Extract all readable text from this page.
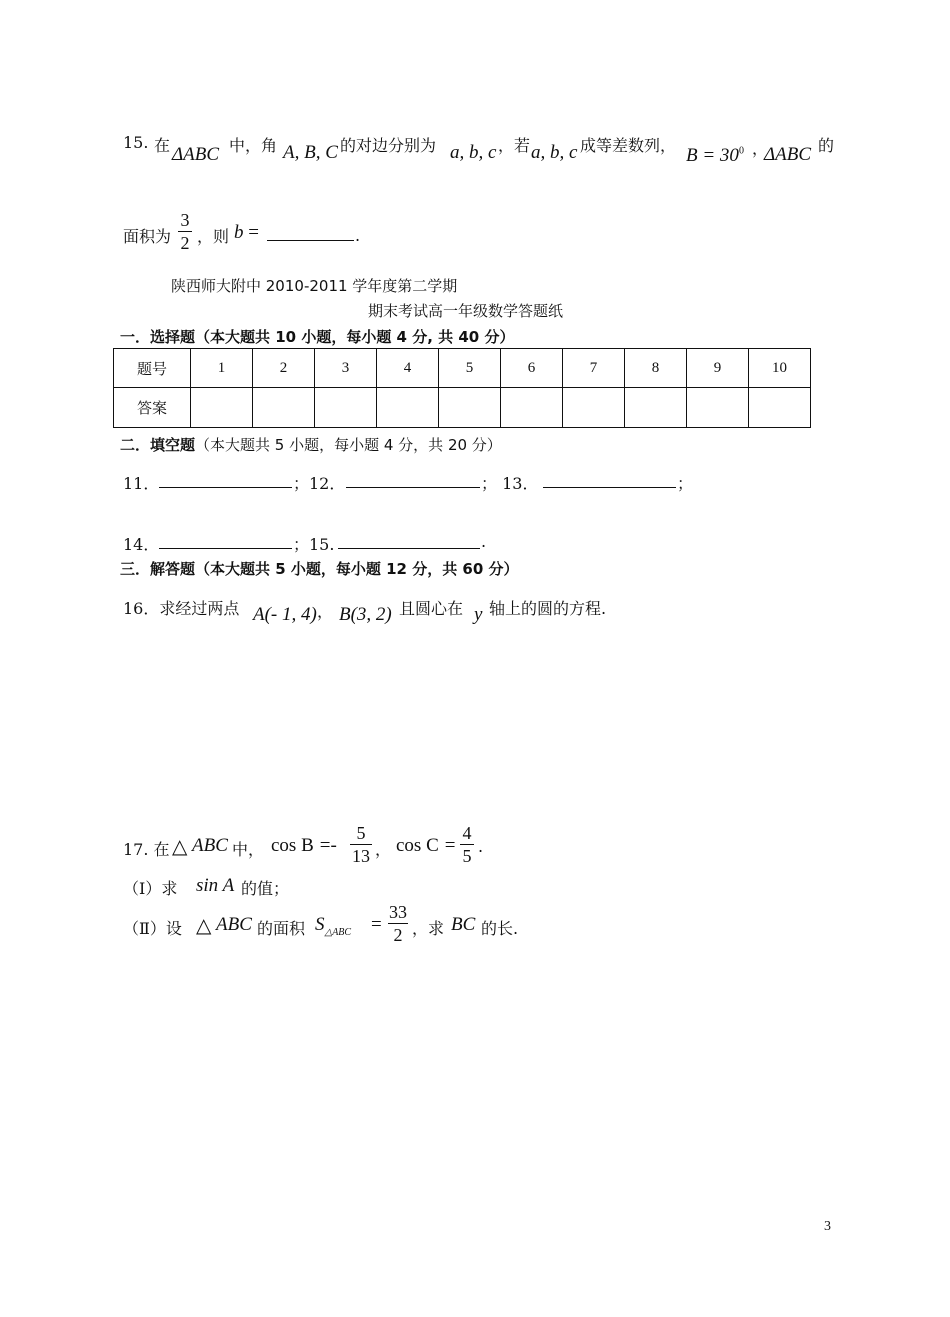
15. 在 ΔABC 中，角 A, B, C 的对边分别为 a, b, c ，若 a, b, c 成等差数列， $B = 30^0$ ，
ΔABC 的
面积为
3
2 ，则 b =	.
陕西师大附中 2010-2011 学年度第二学期
期末考试高一年级数学答题纸
一．选择题（本大题共 10 小题，每小题 4 分, 共 40 分）
题号	1	2	3	4	5	6	7	8	9	10
答案										
二．填空题（本大题共 5 小题，每小题 4 分，共 20 分）
11．	；12．	； 13．	；
14．	；15.	.
三．解答题（本大题共 5 小题，每小题 12 分，共 60 分）
16．求经过两点 A(- 1, 4) ， B(3, 2) 且圆心在 y 轴上的圆的方程.
17. 在 △ ABC 中， cos B =-
5
13 ， cos C =
4
5 .
（Ⅰ）求 sin A 的值；
（Ⅱ）设 △ ABC 的面积 $S_{\triangle ABC}$ =
33
2 ，求 BC 的长.
3
